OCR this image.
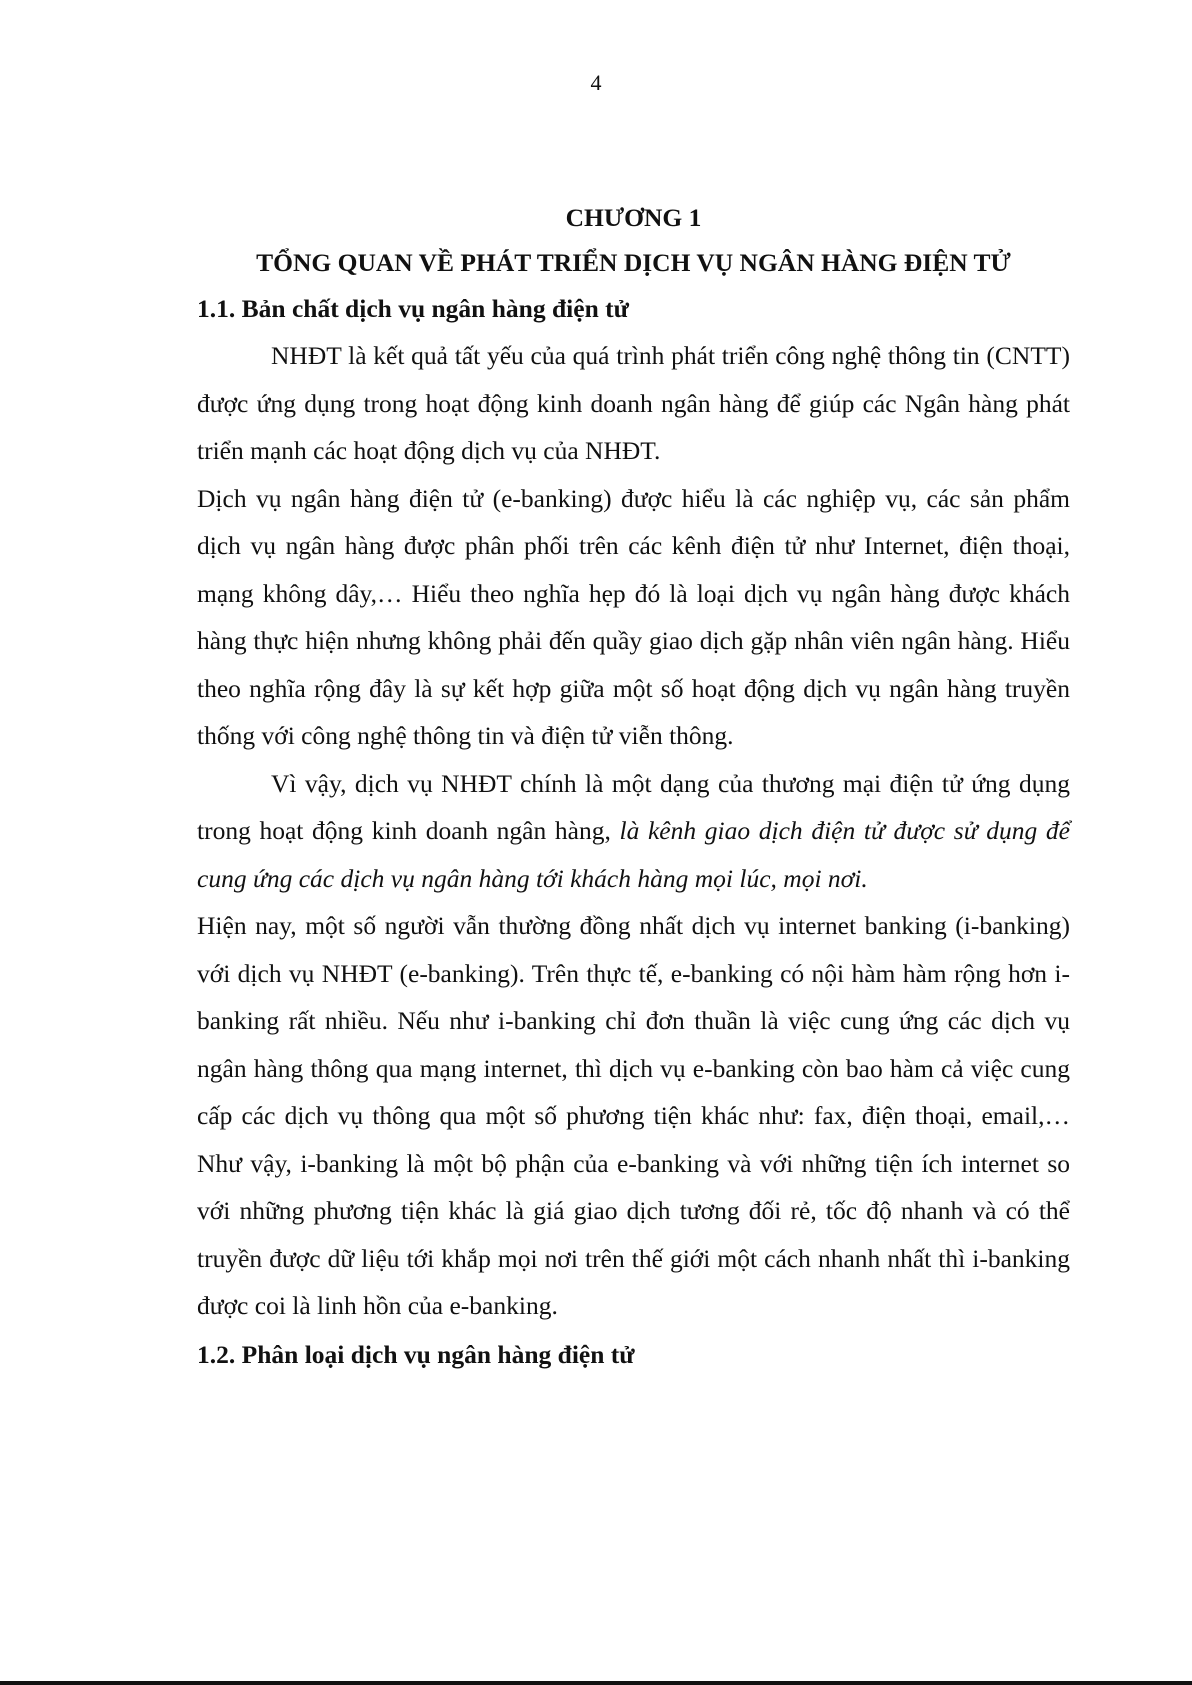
4

CHƯƠNG 1

TỔNG QUAN VỀ PHÁT TRIỂN DỊCH VỤ NGÂN HÀNG ĐIỆN TỬ

1.1. Bản chất dịch vụ ngân hàng điện tử

NHĐT là kết quả tất yếu của quá trình phát triển công nghệ thông tin (CNTT) được ứng dụng trong hoạt động kinh doanh ngân hàng để giúp các Ngân hàng phát triển mạnh các hoạt động dịch vụ của NHĐT.

Dịch vụ ngân hàng điện tử (e-banking) được hiểu là các nghiệp vụ, các sản phẩm dịch vụ ngân hàng được phân phối trên các kênh điện tử như Internet, điện thoại, mạng không dây,… Hiểu theo nghĩa hẹp đó là loại dịch vụ ngân hàng được khách hàng thực hiện nhưng không phải đến quầy giao dịch gặp nhân viên ngân hàng. Hiểu theo nghĩa rộng đây là sự kết hợp giữa một số hoạt động dịch vụ ngân hàng truyền thống với công nghệ thông tin và điện tử viễn thông.

Vì vậy, dịch vụ NHĐT chính là một dạng của thương mại điện tử ứng dụng trong hoạt động kinh doanh ngân hàng, là kênh giao dịch điện tử được sử dụng để cung ứng các dịch vụ ngân hàng tới khách hàng mọi lúc, mọi nơi.

Hiện nay, một số người vẫn thường đồng nhất dịch vụ internet banking (i-banking) với dịch vụ NHĐT (e-banking). Trên thực tế, e-banking có nội hàm hàm rộng hơn i-banking rất nhiều. Nếu như i-banking chỉ đơn thuần là việc cung ứng các dịch vụ ngân hàng thông qua mạng internet, thì dịch vụ e-banking còn bao hàm cả việc cung cấp các dịch vụ thông qua một số phương tiện khác như: fax, điện thoại, email,… Như vậy, i-banking là một bộ phận của e-banking và với những tiện ích internet so với những phương tiện khác là giá giao dịch tương đối rẻ, tốc độ nhanh và có thể truyền được dữ liệu tới khắp mọi nơi trên thế giới một cách nhanh nhất thì i-banking được coi là linh hồn của e-banking.

1.2. Phân loại dịch vụ ngân hàng điện tử
